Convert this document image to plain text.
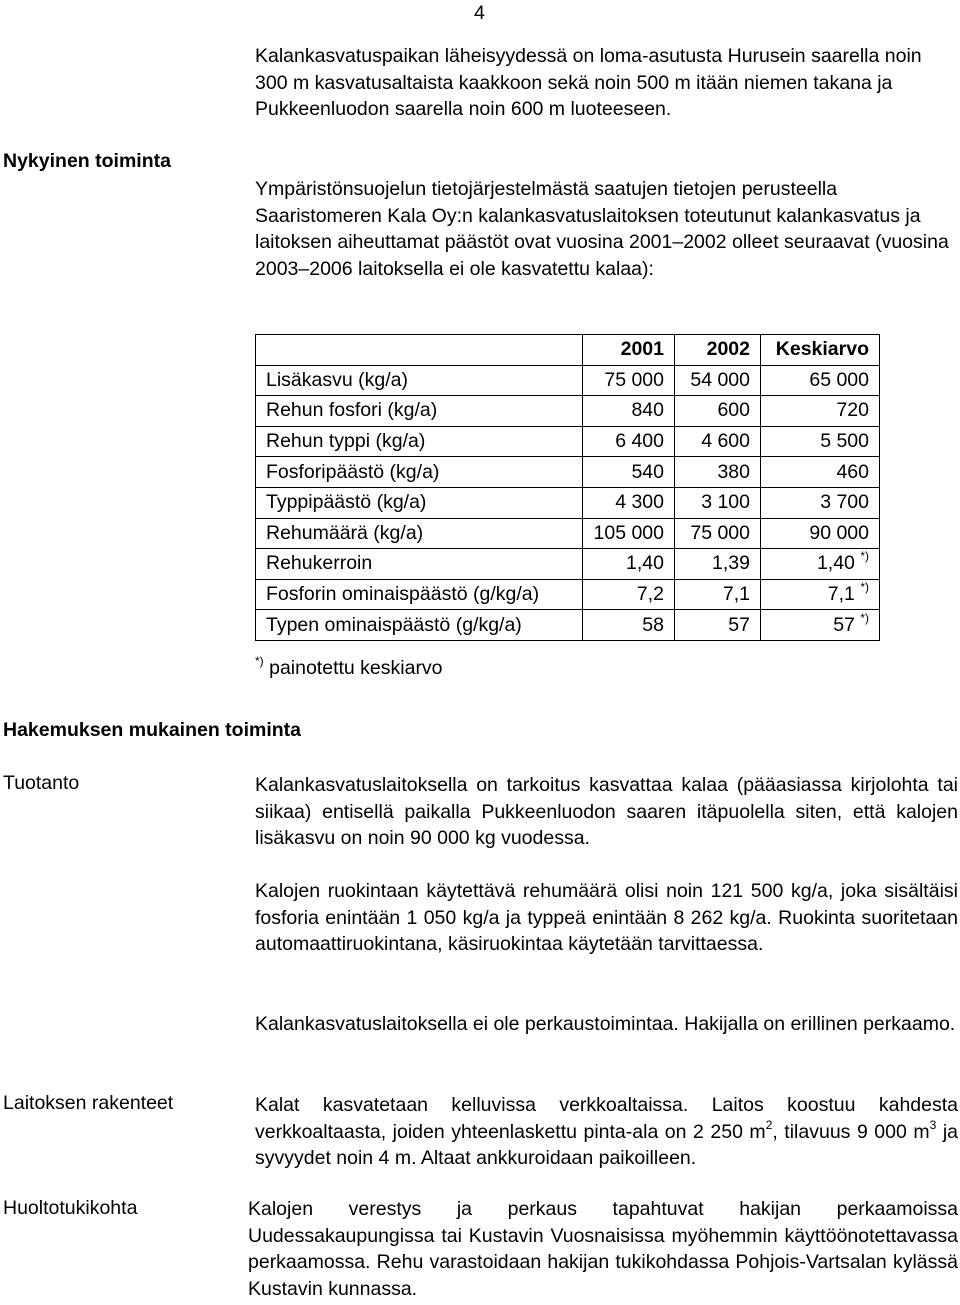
4

Kalankasvatuspaikan läheisyydessä on loma-asutusta Hurusein saarella noin 300 m kasvatusaltaista kaakkoon sekä noin 500 m itään niemen takana ja Pukkeenluodon saarella noin 600 m luoteeseen.

Nykyinen toiminta

Ympäristönsuojelun tietojärjestelmästä saatujen tietojen perusteella Saaristomeren Kala Oy:n kalankasvatuslaitoksen toteutunut kalankasvatus ja laitoksen aiheuttamat päästöt ovat vuosina 2001–2002 olleet seuraavat (vuosina 2003–2006 laitoksella ei ole kasvatettu kalaa):

	2001	2002	Keskiarvo
Lisäkasvu (kg/a)	75 000	54 000	65 000
Rehun fosfori (kg/a)	840	600	720
Rehun typpi (kg/a)	6 400	4 600	5 500
Fosforipäästö (kg/a)	540	380	460
Typpipäästö (kg/a)	4 300	3 100	3 700
Rehumäärä (kg/a)	105 000	75 000	90 000
Rehukerroin	1,40	1,39	1,40 *)
Fosforin ominaispäästö (g/kg/a)	7,2	7,1	7,1 *)
Typen ominaispäästö (g/kg/a)	58	57	57 *)
*) painotettu keskiarvo
Hakemuksen mukainen toiminta
Tuotanto	Kalankasvatuslaitoksella on tarkoitus kasvattaa kalaa (pääasiassa kirjolohta tai siikaa) entisellä paikalla Pukkeenluodon saaren itäpuolella siten, että kalojen lisäkasvu on noin 90 000 kg vuodessa.

Kalojen ruokintaan käytettävä rehumäärä olisi noin 121 500 kg/a, joka sisältäisi fosforia enintään 1 050 kg/a ja typpeä enintään 8 262 kg/a. Ruokinta suoritetaan automaattiruokintana, käsiruokintaa käytetään tarvittaessa.

Kalankasvatuslaitoksella ei ole perkaustoimintaa. Hakijalla on erillinen perkaamo.

Laitoksen rakenteet	Kalat kasvatetaan kelluvissa verkkoaltaissa. Laitos koostuu kahdesta verkkoaltaasta, joiden yhteenlaskettu pinta-ala on 2 250 $m^2$, tilavuus 9 000 $m^3$ ja syvyydet noin 4 m. Altaat ankkuroidaan paikoilleen.

Huoltotukikohta	Kalojen verestys ja perkaus tapahtuvat hakijan perkaamoissa Uudessakaupungissa tai Kustavin Vuosnaisissa myöhemmin käyttöönotettavassa perkaamossa. Rehu varastoidaan hakijan tukikohdassa Pohjois-Vartsalan kylässä Kustavin kunnassa.
